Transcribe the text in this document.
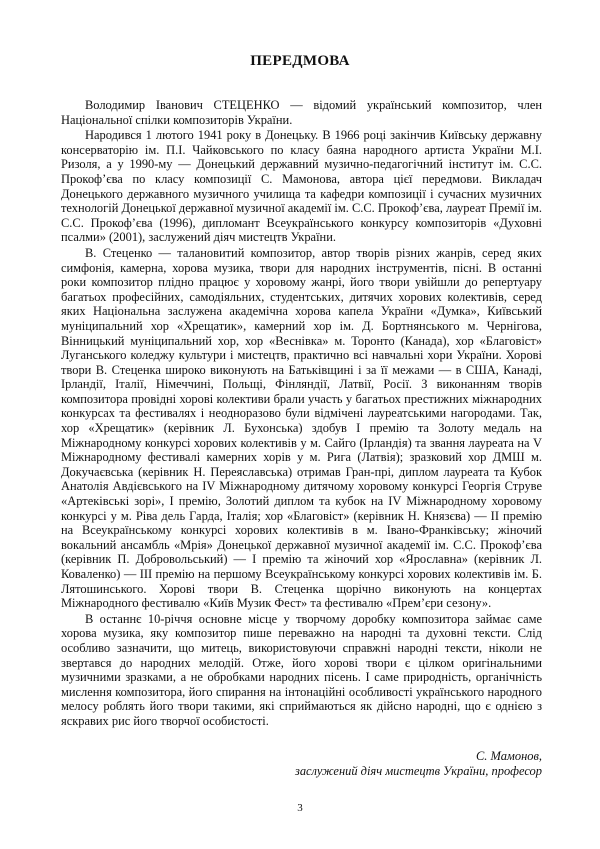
ПЕРЕДМОВА

Володимир Іванович СТЕЦЕНКО — відомий український композитор, член Національної спілки композиторів України.

Народився 1 лютого 1941 року в Донецьку. В 1966 році закінчив Київську державну консерваторію ім. П.І. Чайковського по класу баяна народного артиста України М.І. Ризоля, а у 1990-му — Донецький державний музично-педагогічний інститут ім. С.С. Прокоф’єва по класу композиції С. Мамонова, автора цієї передмови. Викладач Донецького державного музичного училища та кафедри композиції і сучасних музичних технологій Донецької державної музичної академії ім. С.С. Прокоф’єва, лауреат Премії ім. С.С. Прокоф’єва (1996), дипломант Всеукраїнського конкурсу композиторів «Духовні псалми» (2001), заслужений діяч мистецтв України.

В. Стеценко — талановитий композитор, автор творів різних жанрів, серед яких симфонія, камерна, хорова музика, твори для народних інструментів, пісні. В останні роки композитор плідно працює у хоровому жанрі, його твори увійшли до репертуару багатьох професійних, самодіяльних, студентських, дитячих хорових колективів, серед яких Національна заслужена академічна хорова капела України «Думка», Київський муніципальний хор «Хрещатик», камерний хор ім. Д. Бортнянського м. Чернігова, Вінницький муніципальний хор, хор «Веснівка» м. Торонто (Канада), хор «Благовіст» Луганського коледжу культури і мистецтв, практично всі навчальні хори України. Хорові твори В. Стеценка широко виконують на Батьківщині і за її межами — в США, Канаді, Ірландії, Італії, Німеччині, Польщі, Фінляндії, Латвії, Росії. З виконанням творів композитора провідні хорові колективи брали участь у багатьох престижних міжнародних конкурсах та фестивалях і неодноразово були відмічені лауреатськими нагородами. Так, хор «Хрещатик» (керівник Л. Бухонська) здобув І премію та Золоту медаль на Міжнародному конкурсі хорових колективів у м. Сайго (Ірландія) та звання лауреата на V Міжнародному фестивалі камерних хорів у м. Рига (Латвія); зразковий хор ДМШ м. Докучаєвська (керівник Н. Переяславська) отримав Гран-прі, диплом лауреата та Кубок Анатолія Авдієвського на IV Міжнародному дитячому хоровому конкурсі Георгія Струве «Артеківські зорі», І премію, Золотий диплом та кубок на IV Міжнародному хоровому конкурсі у м. Ріва дель Гарда, Італія; хор «Благовіст» (керівник Н. Князєва) — ІІ премію на Всеукраїнському конкурсі хорових колективів в м. Івано-Франківську; жіночий вокальний ансамбль «Мрія» Донецької державної музичної академії ім. С.С. Прокоф’єва (керівник П. Добровольський) — І премію та жіночий хор «Ярославна» (керівник Л. Коваленко) — ІІІ премію на першому Всеукраїнському конкурсі хорових колективів ім. Б. Лятошинського. Хорові твори В. Стеценка щорічно виконують на концертах Міжнародного фестивалю «Київ Музик Фест» та фестивалю «Прем’єри сезону».

В останнє 10-річчя основне місце у творчому доробку композитора займає саме хорова музика, яку композитор пише переважно на народні та духовні тексти. Слід особливо зазначити, що митець, використовуючи справжні народні тексти, ніколи не звертався до народних мелодій. Отже, його хорові твори є цілком оригінальними музичними зразками, а не обробками народних пісень. І саме природність, органічність мислення композитора, його спирання на інтонаційні особливості українського народного мелосу роблять його твори такими, які сприймаються як дійсно народні, що є однією з яскравих рис його творчої особистості.

С. Мамонов,
заслужений діяч мистецтв України, професор
3
